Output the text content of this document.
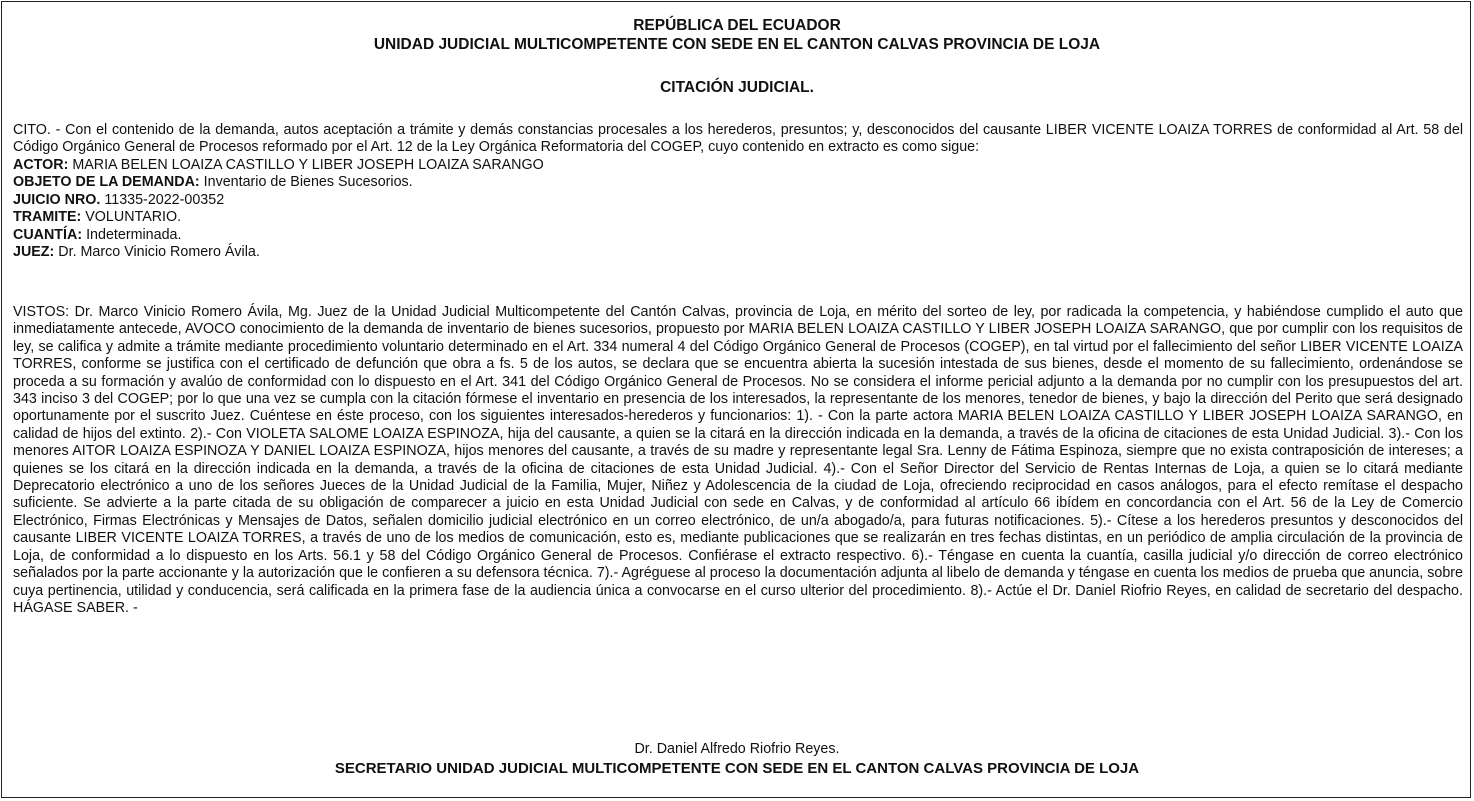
REPÚBLICA DEL ECUADOR
UNIDAD JUDICIAL MULTICOMPETENTE CON SEDE EN EL CANTON CALVAS PROVINCIA DE LOJA
CITACIÓN JUDICIAL.

CITO. - Con el contenido de la demanda, autos aceptación a trámite y demás constancias procesales a los herederos, presuntos; y, desconocidos del causante LIBER VICENTE LOAIZA TORRES de conformidad al Art. 58 del Código Orgánico General de Procesos reformado por el Art. 12 de la Ley Orgánica Reformatoria del COGEP, cuyo contenido en extracto es como sigue:

ACTOR: MARIA BELEN LOAIZA CASTILLO Y LIBER JOSEPH LOAIZA SARANGO
OBJETO DE LA DEMANDA: Inventario de Bienes Sucesorios.
JUICIO NRO. 11335-2022-00352
TRAMITE: VOLUNTARIO.
CUANTÍA: Indeterminada.
JUEZ: Dr. Marco Vinicio Romero Ávila.

VISTOS: Dr. Marco Vinicio Romero Ávila, Mg. Juez de la Unidad Judicial Multicompetente del Cantón Calvas, provincia de Loja, en mérito del sorteo de ley, por radicada la competencia, y habiéndose cumplido el auto que inmediatamente antecede, AVOCO conocimiento de la demanda de inventario de bienes sucesorios, propuesto por MARIA BELEN LOAIZA CASTILLO Y LIBER JOSEPH LOAIZA SARANGO, que por cumplir con los requisitos de ley, se califica y admite a trámite mediante procedimiento voluntario determinado en el Art. 334 numeral 4 del Código Orgánico General de Procesos (COGEP), en tal virtud por el fallecimiento del señor LIBER VICENTE LOAIZA TORRES, conforme se justifica con el certificado de defunción que obra a fs. 5 de los autos, se declara que se encuentra abierta la sucesión intestada de sus bienes, desde el momento de su fallecimiento, ordenándose se proceda a su formación y avalúo de conformidad con lo dispuesto en el Art. 341 del Código Orgánico General de Procesos. No se considera el informe pericial adjunto a la demanda por no cumplir con los presupuestos del art. 343 inciso 3 del COGEP; por lo que una vez se cumpla con la citación fórmese el inventario en presencia de los interesados, la representante de los menores, tenedor de bienes, y bajo la dirección del Perito que será designado oportunamente por el suscrito Juez. Cuéntese en éste proceso, con los siguientes interesados-herederos y funcionarios: 1). - Con la parte actora MARIA BELEN LOAIZA CASTILLO Y LIBER JOSEPH LOAIZA SARANGO, en calidad de hijos del extinto. 2).- Con VIOLETA SALOME LOAIZA ESPINOZA, hija del causante, a quien se la citará en la dirección indicada en la demanda, a través de la oficina de citaciones de esta Unidad Judicial. 3).- Con los menores AITOR LOAIZA ESPINOZA Y DANIEL LOAIZA ESPINOZA, hijos menores del causante, a través de su madre y representante legal Sra. Lenny de Fátima Espinoza, siempre que no exista contraposición de intereses; a quienes se los citará en la dirección indicada en la demanda, a través de la oficina de citaciones de esta Unidad Judicial. 4).- Con el Señor Director del Servicio de Rentas Internas de Loja, a quien se lo citará mediante Deprecatorio electrónico a uno de los señores Jueces de la Unidad Judicial de la Familia, Mujer, Niñez y Adolescencia de la ciudad de Loja, ofreciendo reciprocidad en casos análogos, para el efecto remítase el despacho suficiente. Se advierte a la parte citada de su obligación de comparecer a juicio en esta Unidad Judicial con sede en Calvas, y de conformidad al artículo 66 ibídem en concordancia con el Art. 56 de la Ley de Comercio Electrónico, Firmas Electrónicas y Mensajes de Datos, señalen domicilio judicial electrónico en un correo electrónico, de un/a abogado/a, para futuras notificaciones. 5).- Cítese a los herederos presuntos y desconocidos del causante LIBER VICENTE LOAIZA TORRES, a través de uno de los medios de comunicación, esto es, mediante publicaciones que se realizarán en tres fechas distintas, en un periódico de amplia circulación de la provincia de Loja, de conformidad a lo dispuesto en los Arts. 56.1 y 58 del Código Orgánico General de Procesos. Confiérase el extracto respectivo. 6).- Téngase en cuenta la cuantía, casilla judicial y/o dirección de correo electrónico señalados por la parte accionante y la autorización que le confieren a su defensora técnica. 7).- Agréguese al proceso la documentación adjunta al libelo de demanda y téngase en cuenta los medios de prueba que anuncia, sobre cuya pertinencia, utilidad y conducencia, será calificada en la primera fase de la audiencia única a convocarse en el curso ulterior del procedimiento. 8).- Actúe el Dr. Daniel Riofrio Reyes, en calidad de secretario del despacho. HÁGASE SABER. -

Dr. Daniel Alfredo Riofrio Reyes.
SECRETARIO UNIDAD JUDICIAL MULTICOMPETENTE CON SEDE EN EL CANTON CALVAS PROVINCIA DE LOJA
